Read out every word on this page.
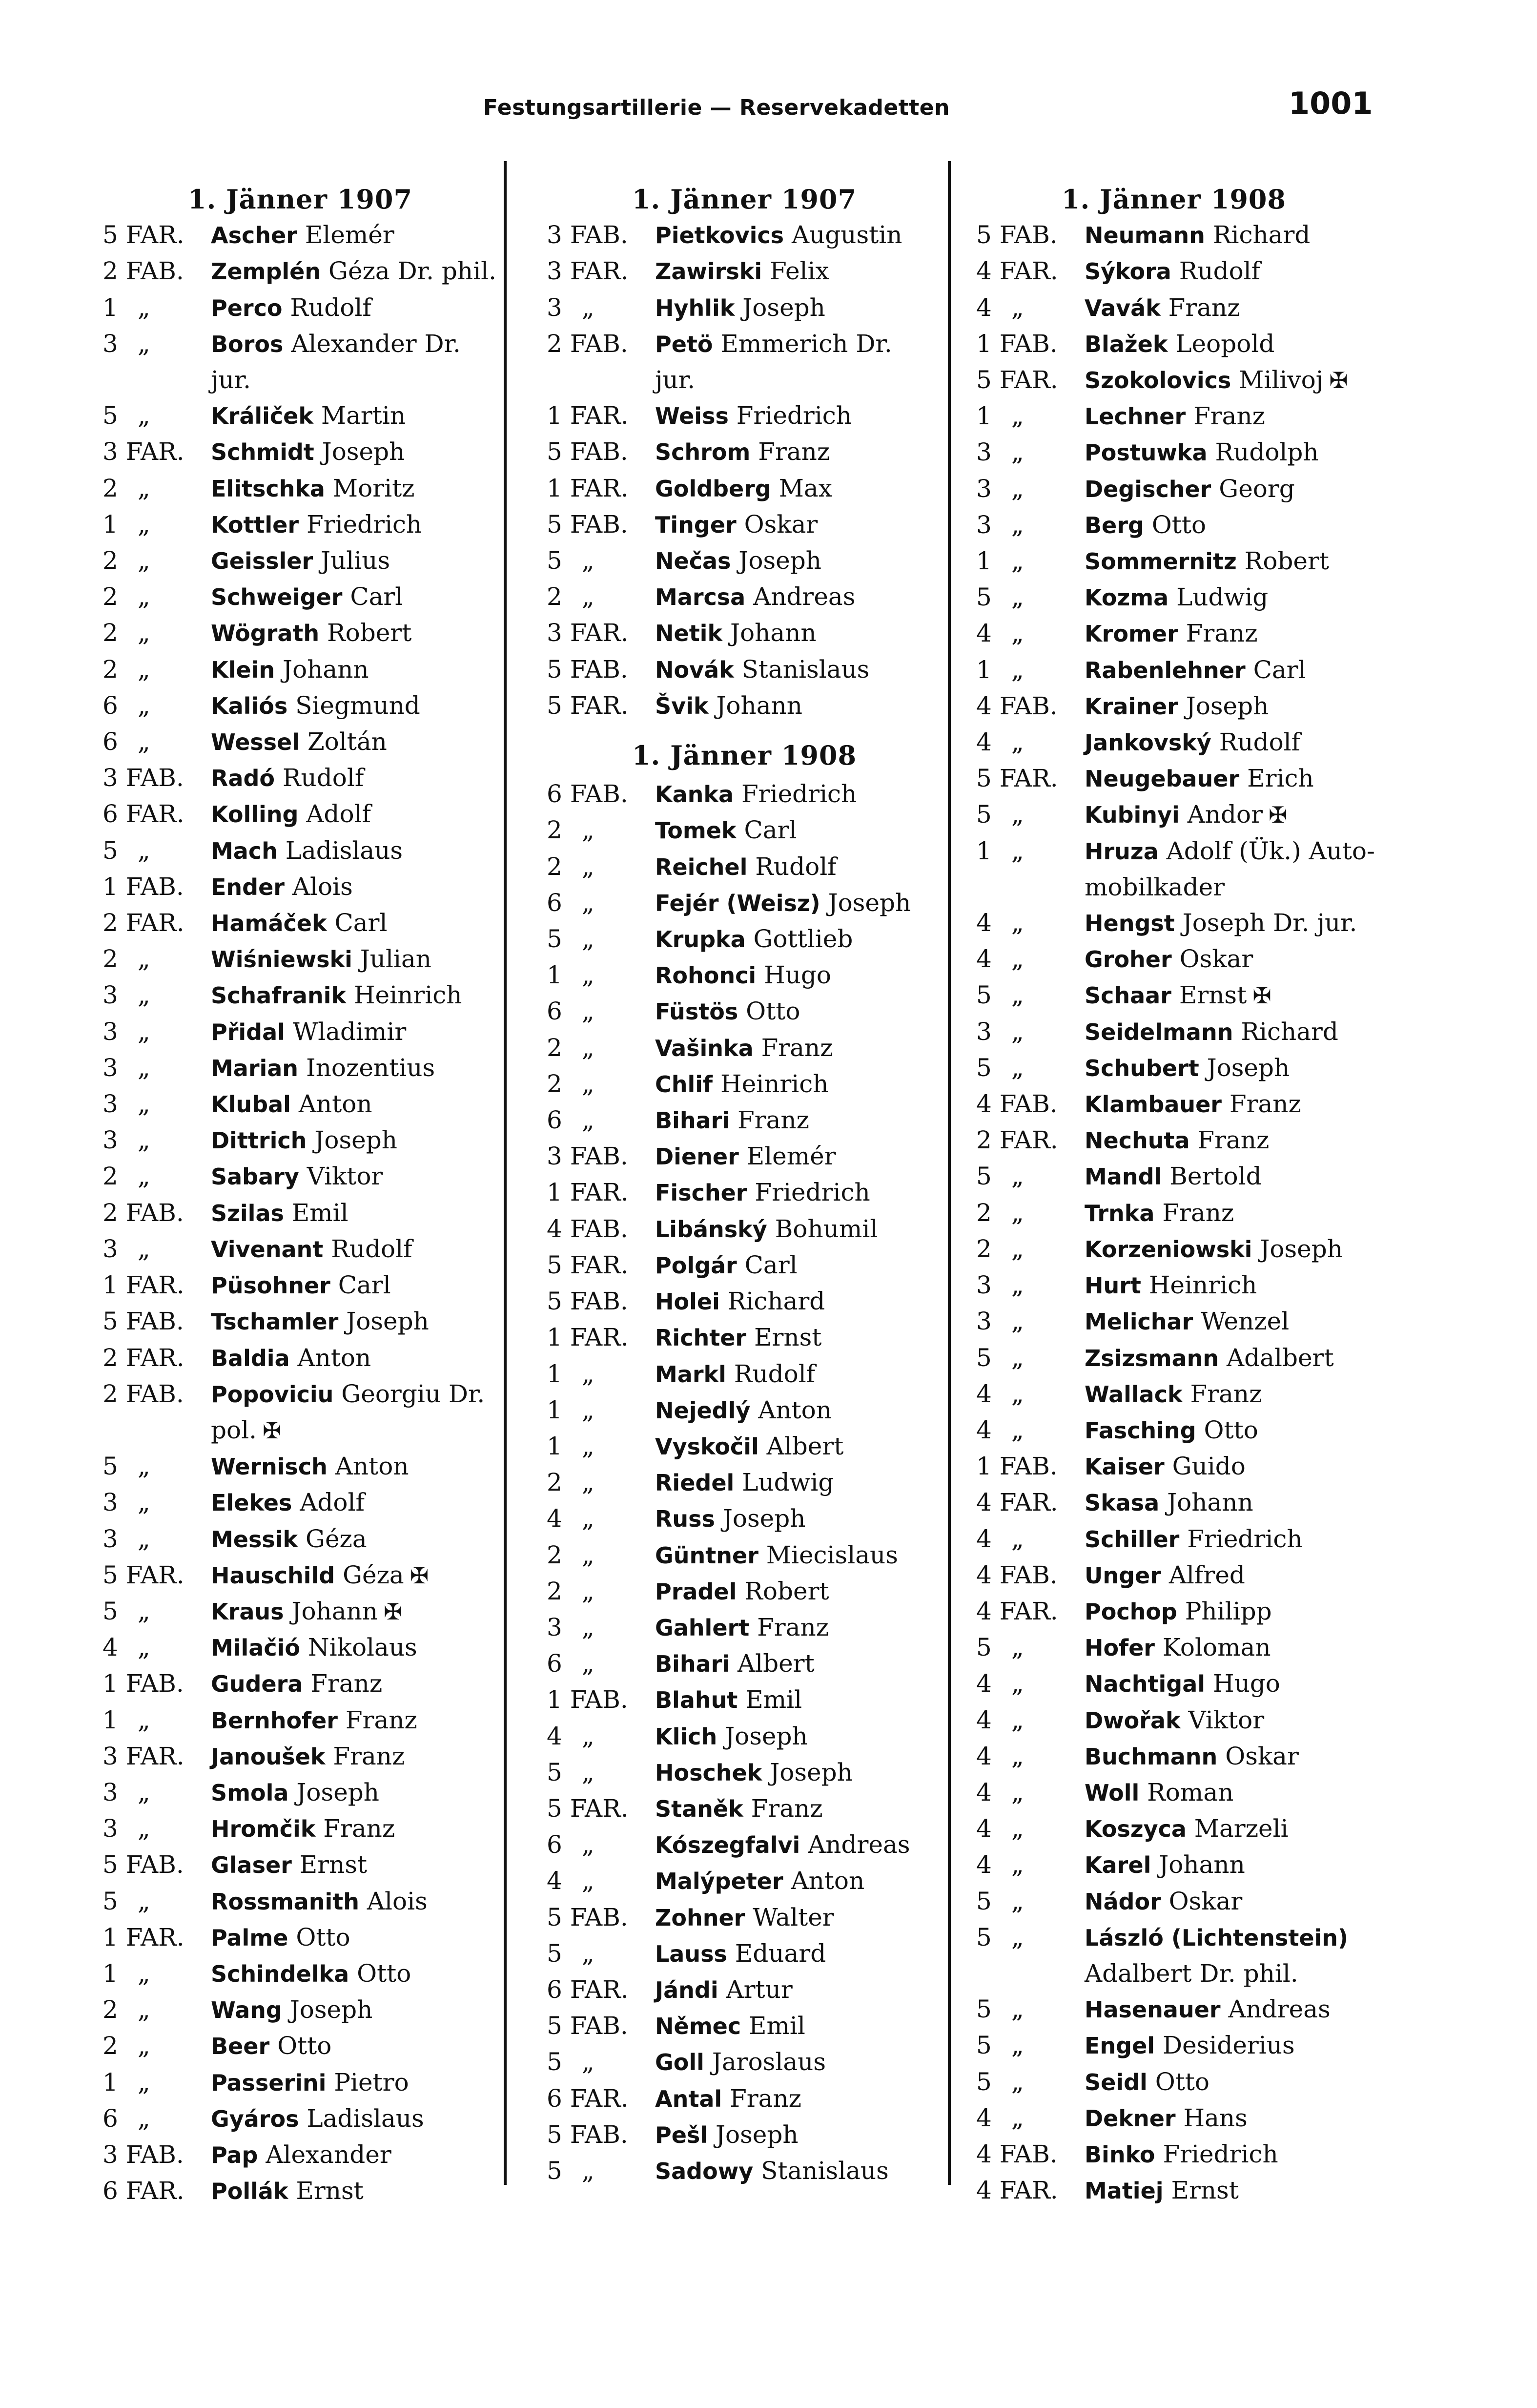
Festungsartillerie — Reservekadetten	1001
1. Jänner 1907
5 FAR.	Ascher Elemér
2 FAB.	Zemplén Géza Dr. phil.
1 „	Perco Rudolf
3 „	Boros Alexander Dr.
jur.
5 „	Králiček Martin
3 FAR.	Schmidt Joseph
2 „	Elitschka Moritz
1 „	Kottler Friedrich
2 „	Geissler Julius
2 „	Schweiger Carl
2 „	Wögrath Robert
2 „	Klein Johann
6 „	Kaliós Siegmund
6 „	Wessel Zoltán
3 FAB.	Radó Rudolf
6 FAR.	Kolling Adolf
5 „	Mach Ladislaus
1 FAB.	Ender Alois
2 FAR.	Hamáček Carl
2 „	Wiśniewski Julian
3 „	Schafranik Heinrich
3 „	Přidal Wladimir
3 „	Marian Inozentius
3 „	Klubal Anton
3 „	Dittrich Joseph
2 „	Sabary Viktor
2 FAB.	Szilas Emil
3 „	Vivenant Rudolf
1 FAR.	Püsohner Carl
5 FAB.	Tschamler Joseph
2 FAR.	Baldia Anton
2 FAB.	Popoviciu Georgiu Dr.
pol. ✠
5 „	Wernisch Anton
3 „	Elekes Adolf
3 „	Messik Géza
5 FAR.	Hauschild Géza ✠
5 „	Kraus Johann ✠
4 „	Milačió Nikolaus
1 FAB.	Gudera Franz
1 „	Bernhofer Franz
3 FAR.	Janoušek Franz
3 „	Smola Joseph
3 „	Hromčik Franz
5 FAB.	Glaser Ernst
5 „	Rossmanith Alois
1 FAR.	Palme Otto
1 „	Schindelka Otto
2 „	Wang Joseph
2 „	Beer Otto
1 „	Passerini Pietro
6 „	Gyáros Ladislaus
3 FAB.	Pap Alexander
6 FAR.	Pollák Ernst
1. Jänner 1907
3 FAB.	Pietkovics Augustin
3 FAR.	Zawirski Felix
3 „	Hyhlik Joseph
2 FAB.	Petö Emmerich Dr.
jur.
1 FAR.	Weiss Friedrich
5 FAB.	Schrom Franz
1 FAR.	Goldberg Max
5 FAB.	Tinger Oskar
5 „	Nečas Joseph
2 „	Marcsa Andreas
3 FAR.	Netik Johann
5 FAB.	Novák Stanislaus
5 FAR.	Švik Johann
1. Jänner 1908
6 FAB.	Kanka Friedrich
2 „	Tomek Carl
2 „	Reichel Rudolf
6 „	Fejér (Weisz) Joseph
5 „	Krupka Gottlieb
1 „	Rohonci Hugo
6 „	Füstös Otto
2 „	Vašinka Franz
2 „	Chlif Heinrich
6 „	Bihari Franz
3 FAB.	Diener Elemér
1 FAR.	Fischer Friedrich
4 FAB.	Libánský Bohumil
5 FAR.	Polgár Carl
5 FAB.	Holei Richard
1 FAR.	Richter Ernst
1 „	Markl Rudolf
1 „	Nejedlý Anton
1 „	Vyskočil Albert
2 „	Riedel Ludwig
4 „	Russ Joseph
2 „	Güntner Miecislaus
2 „	Pradel Robert
3 „	Gahlert Franz
6 „	Bihari Albert
1 FAB.	Blahut Emil
4 „	Klich Joseph
5 „	Hoschek Joseph
5 FAR.	Staněk Franz
6 „	Kószegfalvi Andreas
4 „	Malýpeter Anton
5 FAB.	Zohner Walter
5 „	Lauss Eduard
6 FAR.	Jándi Artur
5 FAB.	Němec Emil
5 „	Goll Jaroslaus
6 FAR.	Antal Franz
5 FAB.	Pešl Joseph
5 „	Sadowy Stanislaus
1. Jänner 1908
5 FAB.	Neumann Richard
4 FAR.	Sýkora Rudolf
4 „	Vavák Franz
1 FAB.	Blažek Leopold
5 FAR.	Szokolovics Milivoj ✠
1 „	Lechner Franz
3 „	Postuwka Rudolph
3 „	Degischer Georg
3 „	Berg Otto
1 „	Sommernitz Robert
5 „	Kozma Ludwig
4 „	Kromer Franz
1 „	Rabenlehner Carl
4 FAB.	Krainer Joseph
4 „	Jankovský Rudolf
5 FAR.	Neugebauer Erich
5 „	Kubinyi Andor ✠
1 „	Hruza Adolf (Ük.) Auto-
mobilkader
4 „	Hengst Joseph Dr. jur.
4 „	Groher Oskar
5 „	Schaar Ernst ✠
3 „	Seidelmann Richard
5 „	Schubert Joseph
4 FAB.	Klambauer Franz
2 FAR.	Nechuta Franz
5 „	Mandl Bertold
2 „	Trnka Franz
2 „	Korzeniowski Joseph
3 „	Hurt Heinrich
3 „	Melichar Wenzel
5 „	Zsizsmann Adalbert
4 „	Wallack Franz
4 „	Fasching Otto
1 FAB.	Kaiser Guido
4 FAR.	Skasa Johann
4 „	Schiller Friedrich
4 FAB.	Unger Alfred
4 FAR.	Pochop Philipp
5 „	Hofer Koloman
4 „	Nachtigal Hugo
4 „	Dwořak Viktor
4 „	Buchmann Oskar
4 „	Woll Roman
4 „	Koszyca Marzeli
4 „	Karel Johann
5 „	Nádor Oskar
5 „	László (Lichtenstein)
Adalbert Dr. phil.
5 „	Hasenauer Andreas
5 „	Engel Desiderius
5 „	Seidl Otto
4 „	Dekner Hans
4 FAB.	Binko Friedrich
4 FAR.	Matiej Ernst
